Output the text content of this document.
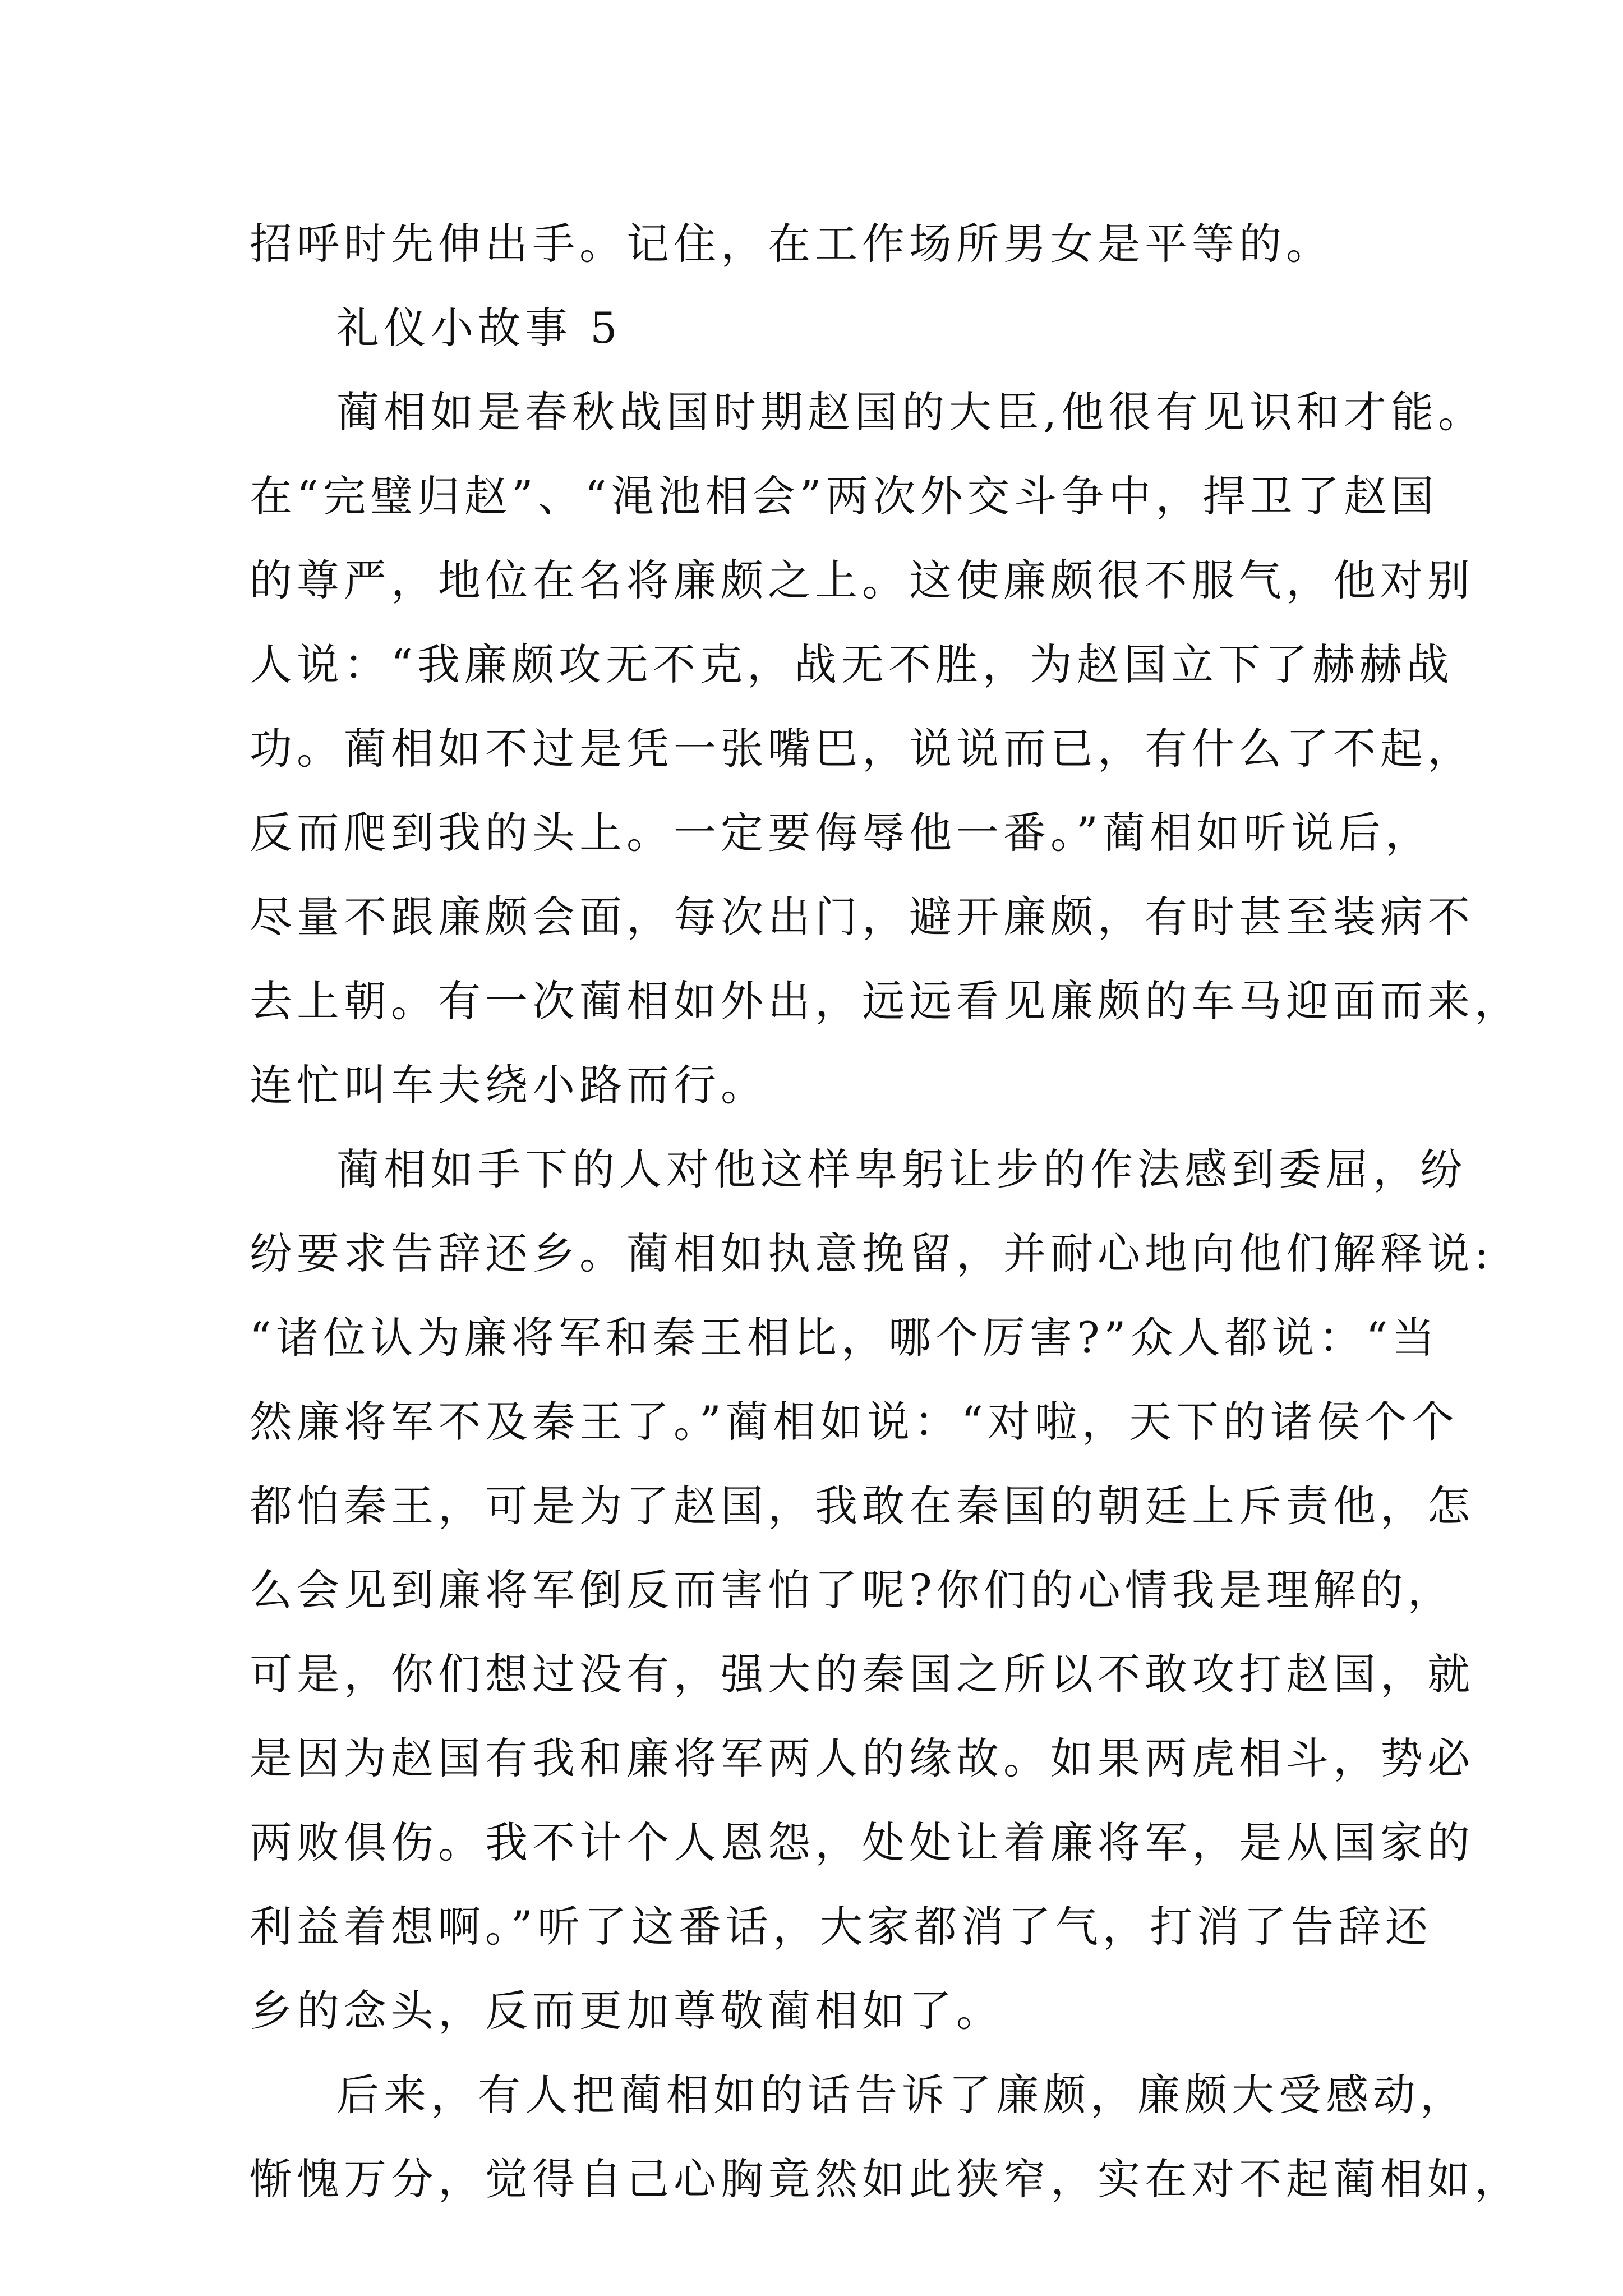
招呼时先伸出手。记住，在工作场所男女是平等的。

礼仪小故事 5

蔺相如是春秋战国时期赵国的大臣,他很有见识和才能。

在“完璧归赵”、“渑池相会”两次外交斗争中，捍卫了赵国

的尊严，地位在名将廉颇之上。这使廉颇很不服气，他对别

人说：“我廉颇攻无不克，战无不胜，为赵国立下了赫赫战

功。蔺相如不过是凭一张嘴巴，说说而已，有什么了不起，

反而爬到我的头上。一定要侮辱他一番。”蔺相如听说后，

尽量不跟廉颇会面，每次出门，避开廉颇，有时甚至装病不

去上朝。有一次蔺相如外出，远远看见廉颇的车马迎面而来，

连忙叫车夫绕小路而行。

蔺相如手下的人对他这样卑躬让步的作法感到委屈，纷

纷要求告辞还乡。蔺相如执意挽留，并耐心地向他们解释说:

“诸位认为廉将军和秦王相比，哪个厉害?”众人都说：“当

然廉将军不及秦王了。”蔺相如说：“对啦，天下的诸侯个个

都怕秦王，可是为了赵国，我敢在秦国的朝廷上斥责他，怎

么会见到廉将军倒反而害怕了呢?你们的心情我是理解的，

可是，你们想过没有，强大的秦国之所以不敢攻打赵国，就

是因为赵国有我和廉将军两人的缘故。如果两虎相斗，势必

两败俱伤。我不计个人恩怨，处处让着廉将军，是从国家的

利益着想啊。”听了这番话，大家都消了气，打消了告辞还

乡的念头，反而更加尊敬蔺相如了。

后来，有人把蔺相如的话告诉了廉颇，廉颇大受感动，

惭愧万分，觉得自己心胸竟然如此狭窄，实在对不起蔺相如，
